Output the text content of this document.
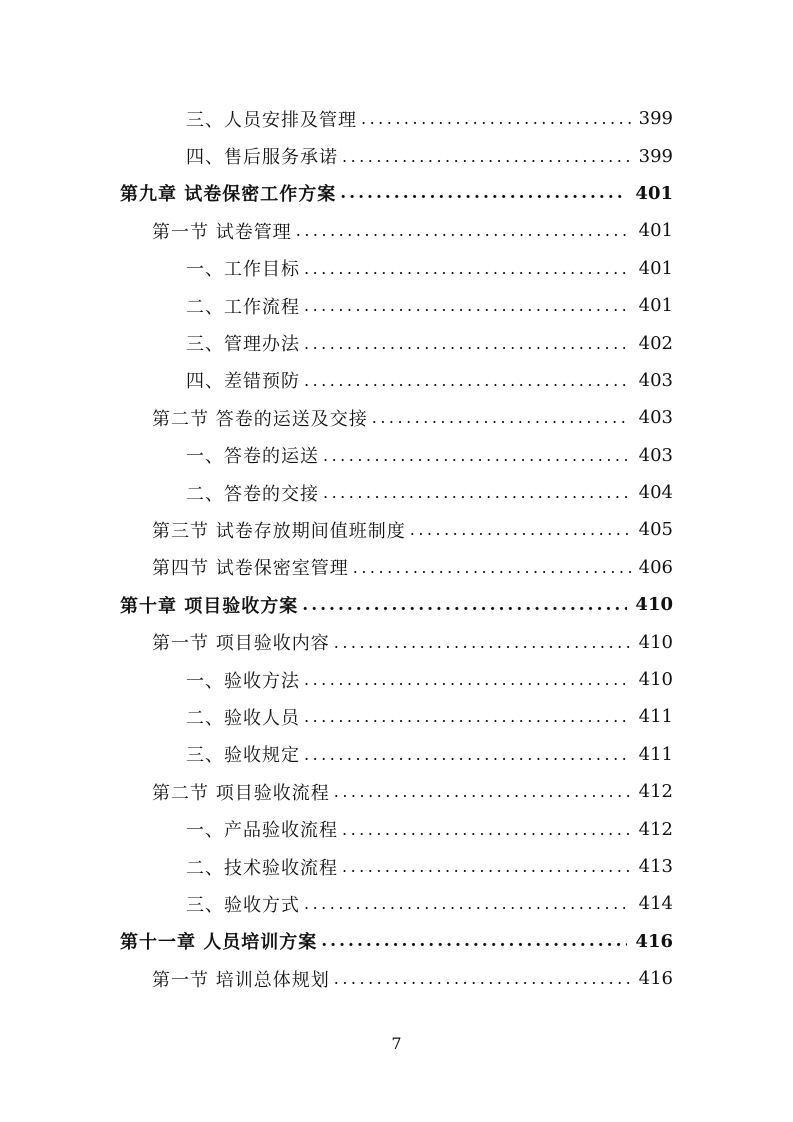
三、人员安排及管理 .....	399
四、售后服务承诺 .....	399
第九章 试卷保密工作方案 .....	401
第一节 试卷管理 .....	401
一、工作目标 .....	401
二、工作流程 .....	401
三、管理办法 .....	402
四、差错预防 .....	403
第二节 答卷的运送及交接 .....	403
一、答卷的运送 .....	403
二、答卷的交接 .....	404
第三节 试卷存放期间值班制度 .....	405
第四节 试卷保密室管理 .....	406
第十章 项目验收方案 .....	410
第一节 项目验收内容 .....	410
一、验收方法 .....	410
二、验收人员 .....	411
三、验收规定 .....	411
第二节 项目验收流程 .....	412
一、产品验收流程 .....	412
二、技术验收流程 .....	413
三、验收方式 .....	414
第十一章 人员培训方案 .....	416
第一节 培训总体规划 .....	416
7
